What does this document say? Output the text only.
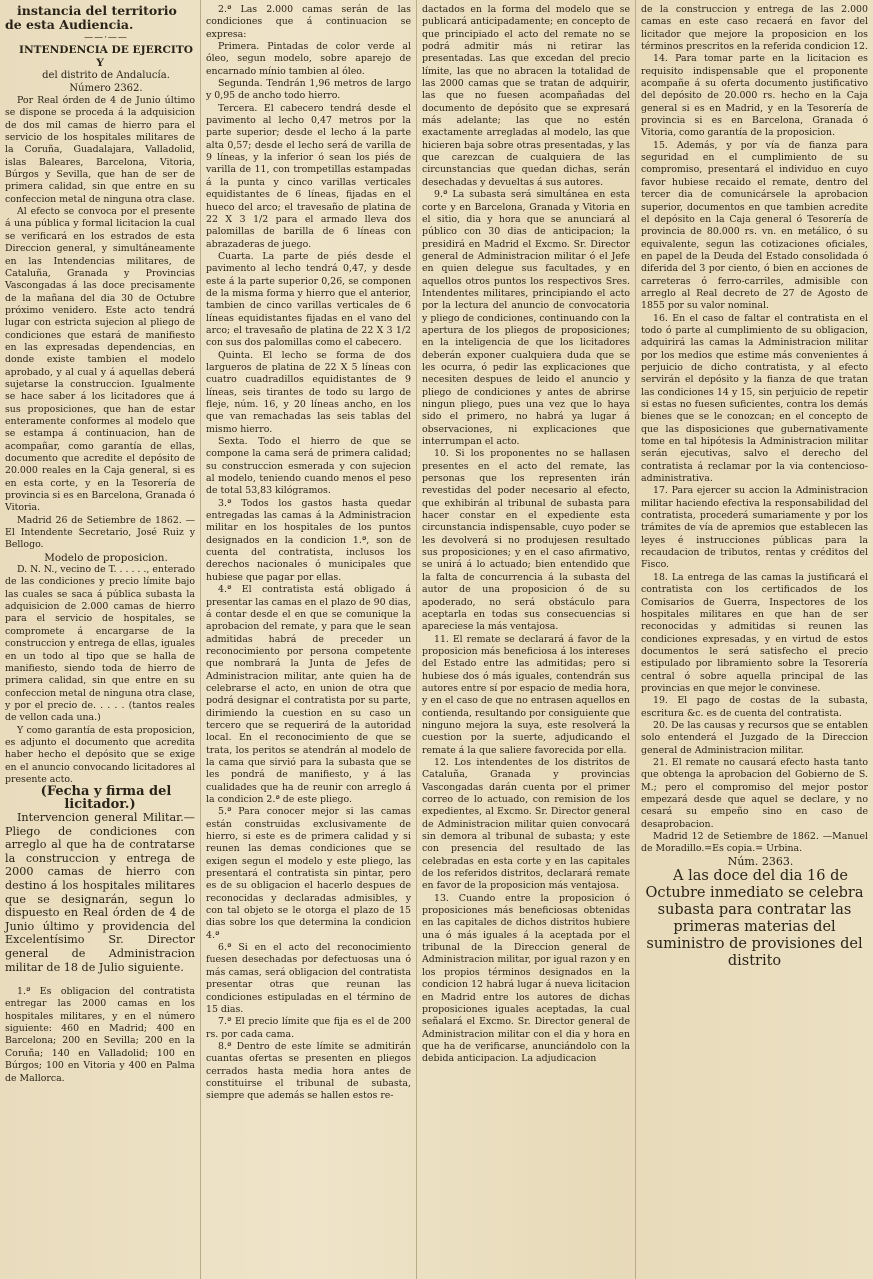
instancia del territorio de esta Audiencia.

——·——

INTENDENCIA DE EJERCITO Y

del distrito de Andalucía.

Número 2362.

Por Real órden de 4 de Junio último se dispone se proceda á la adquisicion de dos mil camas de hierro para el servicio de los hospitales militares de la Coruña, Guadalajara, Valladolid, islas Baleares, Barcelona, Vitoria, Búrgos y Sevilla, que han de ser de primera calidad, sin que entre en su confeccion metal de ninguna otra clase.

Al efecto se convoca por el presente á una pública y formal licitacion la cual se verificará en los estrados de esta Direccion general, y simultáneamente en las Intendencias militares, de Cataluña, Granada y Provincias Vascongadas á las doce precisamente de la mañana del dia 30 de Octubre próximo venidero. Este acto tendrá lugar con estricta sujecion al pliego de condiciones que estará de manifiesto en las expresadas dependencias, en donde existe tambien el modelo aprobado, y al cual y á aquellas deberá sujetarse la construccion. Igualmente se hace saber á los licitadores que á sus proposiciones, que han de estar enteramente conformes al modelo que se estampa á continuacion, han de acompañar, como garantía de ellas, documento que acredite el depósito de 20.000 reales en la Caja general, si es en esta corte, y en la Tesorería de provincia si es en Barcelona, Granada ó Vitoria.

Madrid 26 de Setiembre de 1862. —El Intendente Secretario, José Ruiz y Bellogo.

Modelo de proposicion.

D. N. N., vecino de T. . . . . ., enterado de las condiciones y precio límite bajo las cuales se saca á pública subasta la adquisicion de 2.000 camas de hierro para el servicio de hospitales, se compromete á encargarse de la construccion y entrega de ellas, iguales en un todo al tipo que se halla de manifiesto, siendo toda de hierro de primera calidad, sin que entre en su confeccion metal de ninguna otra clase, y por el precio de. . . . . (tantos reales de vellon cada una.)

Y como garantía de esta proposicion, es adjunto el documento que acredita haber hecho el depósito que se exige en el anuncio convocando licitadores al presente acto.

(Fecha y firma del licitador.)

Intervencion general Militar.— Pliego de condiciones con arreglo al que ha de contratarse la construccion y entrega de 2000 camas de hierro con destino á los hospitales militares que se designarán, segun lo dispuesto en Real órden de 4 de Junio último y providencia del Excelentísimo Sr. Director general de Administracion militar de 18 de Julio siguiente.

1.ª Es obligacion del contratista entregar las 2000 camas en los hospitales militares, y en el número siguiente: 460 en Madrid; 400 en Barcelona; 200 en Sevilla; 200 en la Coruña; 140 en Valladolid; 100 en Búrgos; 100 en Vitoria y 400 en Palma de Mallorca.

2.ª Las 2.000 camas serán de las condiciones que á continuacion se expresa:

Primera. Pintadas de color verde al óleo, segun modelo, sobre aparejo de encarnado mínio tambien al óleo.

Segunda. Tendrán 1,96 metros de largo y 0,95 de ancho todo hierro.

Tercera. El cabecero tendrá desde el pavimento al lecho 0,47 metros por la parte superior; desde el lecho á la parte alta 0,57; desde el lecho será de varilla de 9 líneas, y la inferior ó sean los piés de varilla de 11, con trompetillas estampadas á la punta y cinco varillas verticales equidistantes de 6 líneas, fijadas en el hueco del arco; el travesaño de platina de 22 X 3 1/2 para el armado lleva dos palomillas de barilla de 6 líneas con abrazaderas de juego.

Cuarta. La parte de piés desde el pavimento al lecho tendrá 0,47, y desde este á la parte superior 0,26, se componen de la misma forma y hierro que el anterior, tambien de cinco varillas verticales de 6 líneas equidistantes fijadas en el vano del arco; el travesaño de platina de 22 X 3 1/2 con sus dos palomillas como el cabecero.

Quinta. El lecho se forma de dos largueros de platina de 22 X 5 líneas con cuatro cuadradillos equidistantes de 9 líneas, seis tirantes de todo su largo de fleje, núm. 16, y 20 líneas ancho, en los que van remachadas las seis tablas del mismo hierro.

Sexta. Todo el hierro de que se compone la cama será de primera calidad; su construccion esmerada y con sujecion al modelo, teniendo cuando menos el peso de total 53,83 kilógramos.

3.ª Todos los gastos hasta quedar entregadas las camas á la Administracion militar en los hospitales de los puntos designados en la condicion 1.ª, son de cuenta del contratista, inclusos los derechos nacionales ó municipales que hubiese que pagar por ellas.

4.ª El contratista está obligado á presentar las camas en el plazo de 90 dias, á contar desde el en que se comunique la aprobacion del remate, y para que le sean admitidas habrá de preceder un reconocimiento por persona competente que nombrará la Junta de Jefes de Administracion militar, ante quien ha de celebrarse el acto, en union de otra que podrá designar el contratista por su parte, dirimiendo la cuestion en su caso un tercero que se requerirá de la autoridad local. En el reconocimiento de que se trata, los peritos se atendrán al modelo de la cama que sirvió para la subasta que se les pondrá de manifiesto, y á las cualidades que ha de reunir con arreglo á la condicion 2.ª de este pliego.

5.ª Para conocer mejor si las camas están construidas exclusivamente de hierro, si este es de primera calidad y si reunen las demas condiciones que se exigen segun el modelo y este pliego, las presentará el contratista sin pintar, pero es de su obligacion el hacerlo despues de reconocidas y declaradas admisibles, y con tal objeto se le otorga el plazo de 15 dias sobre los que determina la condicion 4.ª

6.ª Si en el acto del reconocimiento fuesen desechadas por defectuosas una ó más camas, será obligacion del contratista presentar otras que reunan las condiciones estipuladas en el término de 15 dias.

7.ª El precio límite que fija es el de 200 rs. por cada cama.

8.ª Dentro de este límite se admitirán cuantas ofertas se presenten en pliegos cerrados hasta media hora antes de constituirse el tribunal de subasta, siempre que además se hallen estos re-

dactados en la forma del modelo que se publicará anticipadamente; en concepto de que principiado el acto del remate no se podrá admitir más ni retirar las presentadas. Las que excedan del precio límite, las que no abracen la totalidad de las 2000 camas que se tratan de adquirir, las que no fuesen acompañadas del documento de depósito que se expresará más adelante; las que no estén exactamente arregladas al modelo, las que hicieren baja sobre otras presentadas, y las que carezcan de cualquiera de las circunstancias que quedan dichas, serán desechadas y devueltas á sus autores.

9.ª La subasta será simultánea en esta corte y en Barcelona, Granada y Vitoria en el sitio, dia y hora que se anunciará al público con 30 dias de anticipacion; la presidirá en Madrid el Excmo. Sr. Director general de Administracion militar ó el Jefe en quien delegue sus facultades, y en aquellos otros puntos los respectivos Sres. Intendentes militares, principiando el acto por la lectura del anuncio de convocatoria y pliego de condiciones, continuando con la apertura de los pliegos de proposiciones; en la inteligencia de que los licitadores deberán exponer cualquiera duda que se les ocurra, ó pedir las explicaciones que necesiten despues de leido el anuncio y pliego de condiciones y antes de abrirse ningun pliego, pues una vez que lo haya sido el primero, no habrá ya lugar á observaciones, ni explicaciones que interrumpan el acto.

10. Si los proponentes no se hallasen presentes en el acto del remate, las personas que los representen irán revestidas del poder necesario al efecto, que exhibirán al tribunal de subasta para hacer constar en el expediente esta circunstancia indispensable, cuyo poder se les devolverá si no produjesen resultado sus proposiciones; y en el caso afirmativo, se unirá á lo actuado; bien entendido que la falta de concurrencia á la subasta del autor de una proposicion ó de su apoderado, no será obstáculo para aceptarla en todas sus consecuencias si apareciese la más ventajosa.

11. El remate se declarará á favor de la proposicion más beneficiosa á los intereses del Estado entre las admitidas; pero si hubiese dos ó más iguales, contendrán sus autores entre sí por espacio de media hora, y en el caso de que no entrasen aquellos en contienda, resultando por consiguiente que ninguno mejora la suya, este resolverá la cuestion por la suerte, adjudicando el remate á la que saliere favorecida por ella.

12. Los intendentes de los distritos de Cataluña, Granada y provincias Vascongadas darán cuenta por el primer correo de lo actuado, con remision de los expedientes, al Excmo. Sr. Director general de Administracion militar quien convocará sin demora al tribunal de subasta; y este con presencia del resultado de las celebradas en esta corte y en las capitales de los referidos distritos, declarará remate en favor de la proposicion más ventajosa.

13. Cuando entre la proposicion ó proposiciones más beneficiosas obtenidas en las capitales de dichos distritos hubiere una ó más iguales á la aceptada por el tribunal de la Direccion general de Administracion militar, por igual razon y en los propios términos designados en la condicion 12 habrá lugar á nueva licitacion en Madrid entre los autores de dichas proposiciones iguales aceptadas, la cual señalará el Excmo. Sr. Director general de Administracion militar con el dia y hora en que ha de verificarse, anunciándolo con la debida anticipacion. La adjudicacion

de la construccion y entrega de las 2.000 camas en este caso recaerá en favor del licitador que mejore la proposicion en los términos prescritos en la referida condicion 12.

14. Para tomar parte en la licitacion es requisito indispensable que el proponente acompañe á su oferta documento justificativo del depósito de 20.000 rs. hecho en la Caja general si es en Madrid, y en la Tesorería de provincia si es en Barcelona, Granada ó Vitoria, como garantía de la proposicion.

15. Además, y por vía de fianza para seguridad en el cumplimiento de su compromiso, presentará el individuo en cuyo favor hubiese recaido el remate, dentro del tercer dia de comunicársele la aprobacion superior, documentos en que tambien acredite el depósito en la Caja general ó Tesorería de provincia de 80.000 rs. vn. en metálico, ó su equivalente, segun las cotizaciones oficiales, en papel de la Deuda del Estado consolidada ó diferida del 3 por ciento, ó bien en acciones de carreteras ó ferro-carriles, admisible con arreglo al Real decreto de 27 de Agosto de 1855 por su valor nominal.

16. En el caso de faltar el contratista en el todo ó parte al cumplimiento de su obligacion, adquirirá las camas la Administracion militar por los medios que estime más convenientes á perjuicio de dicho contratista, y al efecto servirán el depósito y la fianza de que tratan las condiciones 14 y 15, sin perjuicio de repetir si estas no fuesen suficientes, contra los demás bienes que se le conozcan; en el concepto de que las disposiciones que gubernativamente tome en tal hipótesis la Administracion militar serán ejecutivas, salvo el derecho del contratista á reclamar por la via contencioso-administrativa.

17. Para ejercer su accion la Administracion militar haciendo efectiva la responsabilidad del contratista, procederá sumariamente y por los trámites de vía de apremios que establecen las leyes é instrucciones públicas para la recaudacion de tributos, rentas y créditos del Fisco.

18. La entrega de las camas la justificará el contratista con los certificados de los Comisarios de Guerra, Inspectores de los hospitales militares en que han de ser reconocidas y admitidas si reunen las condiciones expresadas, y en virtud de estos documentos le será satisfecho el precio estipulado por libramiento sobre la Tesorería central ó sobre aquella principal de las provincias en que mejor le convinese.

19. El pago de costas de la subasta, escritura &c. es de cuenta del contratista.

20. De las causas y recursos que se entablen solo entenderá el Juzgado de la Direccion general de Administracion militar.

21. El remate no causará efecto hasta tanto que obtenga la aprobacion del Gobierno de S. M.; pero el compromiso del mejor postor empezará desde que aquel se declare, y no cesará su empeño sino en caso de desaprobacion.

Madrid 12 de Setiembre de 1862. —Manuel de Moradillo.=Es copia.= Urbina.

Núm. 2363.

A las doce del dia 16 de Octubre inmediato se celebra subasta para contratar las primeras materias del suministro de provisiones del distrito
